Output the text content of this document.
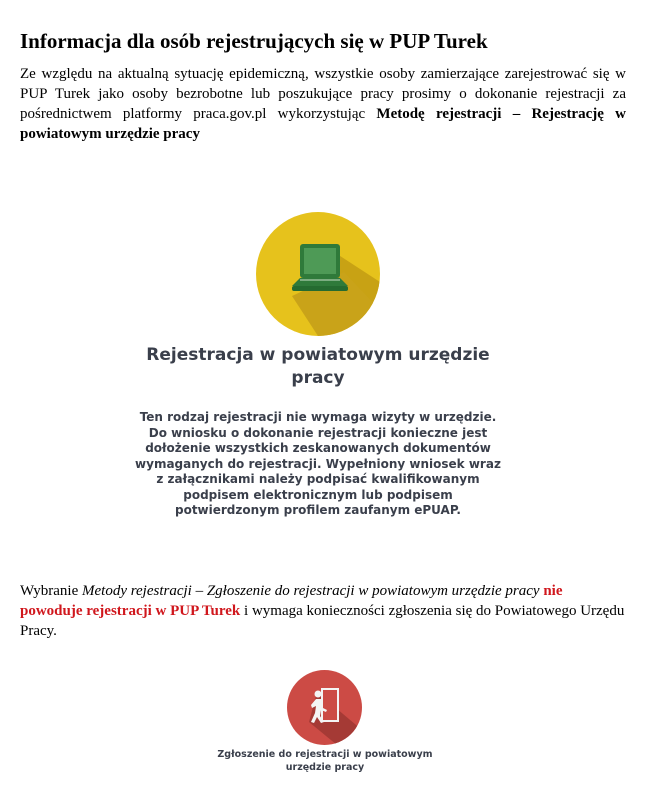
Informacja dla osób rejestrujących się w PUP Turek

Ze względu na aktualną sytuację epidemiczną, wszystkie osoby zamierzające zarejestrować się w PUP Turek jako osoby bezrobotne lub poszukujące pracy prosimy o dokonanie rejestracji za pośrednictwem platformy praca.gov.pl wykorzystując Metodę rejestracji – Rejestrację w powiatowym urzędzie pracy

Rejestracja w powiatowym urzędzie pracy
Ten rodzaj rejestracji nie wymaga wizyty w urzędzie. Do wniosku o dokonanie rejestracji konieczne jest dołożenie wszystkich zeskanowanych dokumentów wymaganych do rejestracji. Wypełniony wniosek wraz z załącznikami należy podpisać kwalifikowanym podpisem elektronicznym lub podpisem potwierdzonym profilem zaufanym ePUAP.

Wybranie Metody rejestracji – Zgłoszenie do rejestracji w powiatowym urzędzie pracy nie powoduje rejestracji w PUP Turek i wymaga konieczności zgłoszenia się do Powiatowego Urzędu Pracy.

Zgłoszenie do rejestracji w powiatowym urzędzie pracy
